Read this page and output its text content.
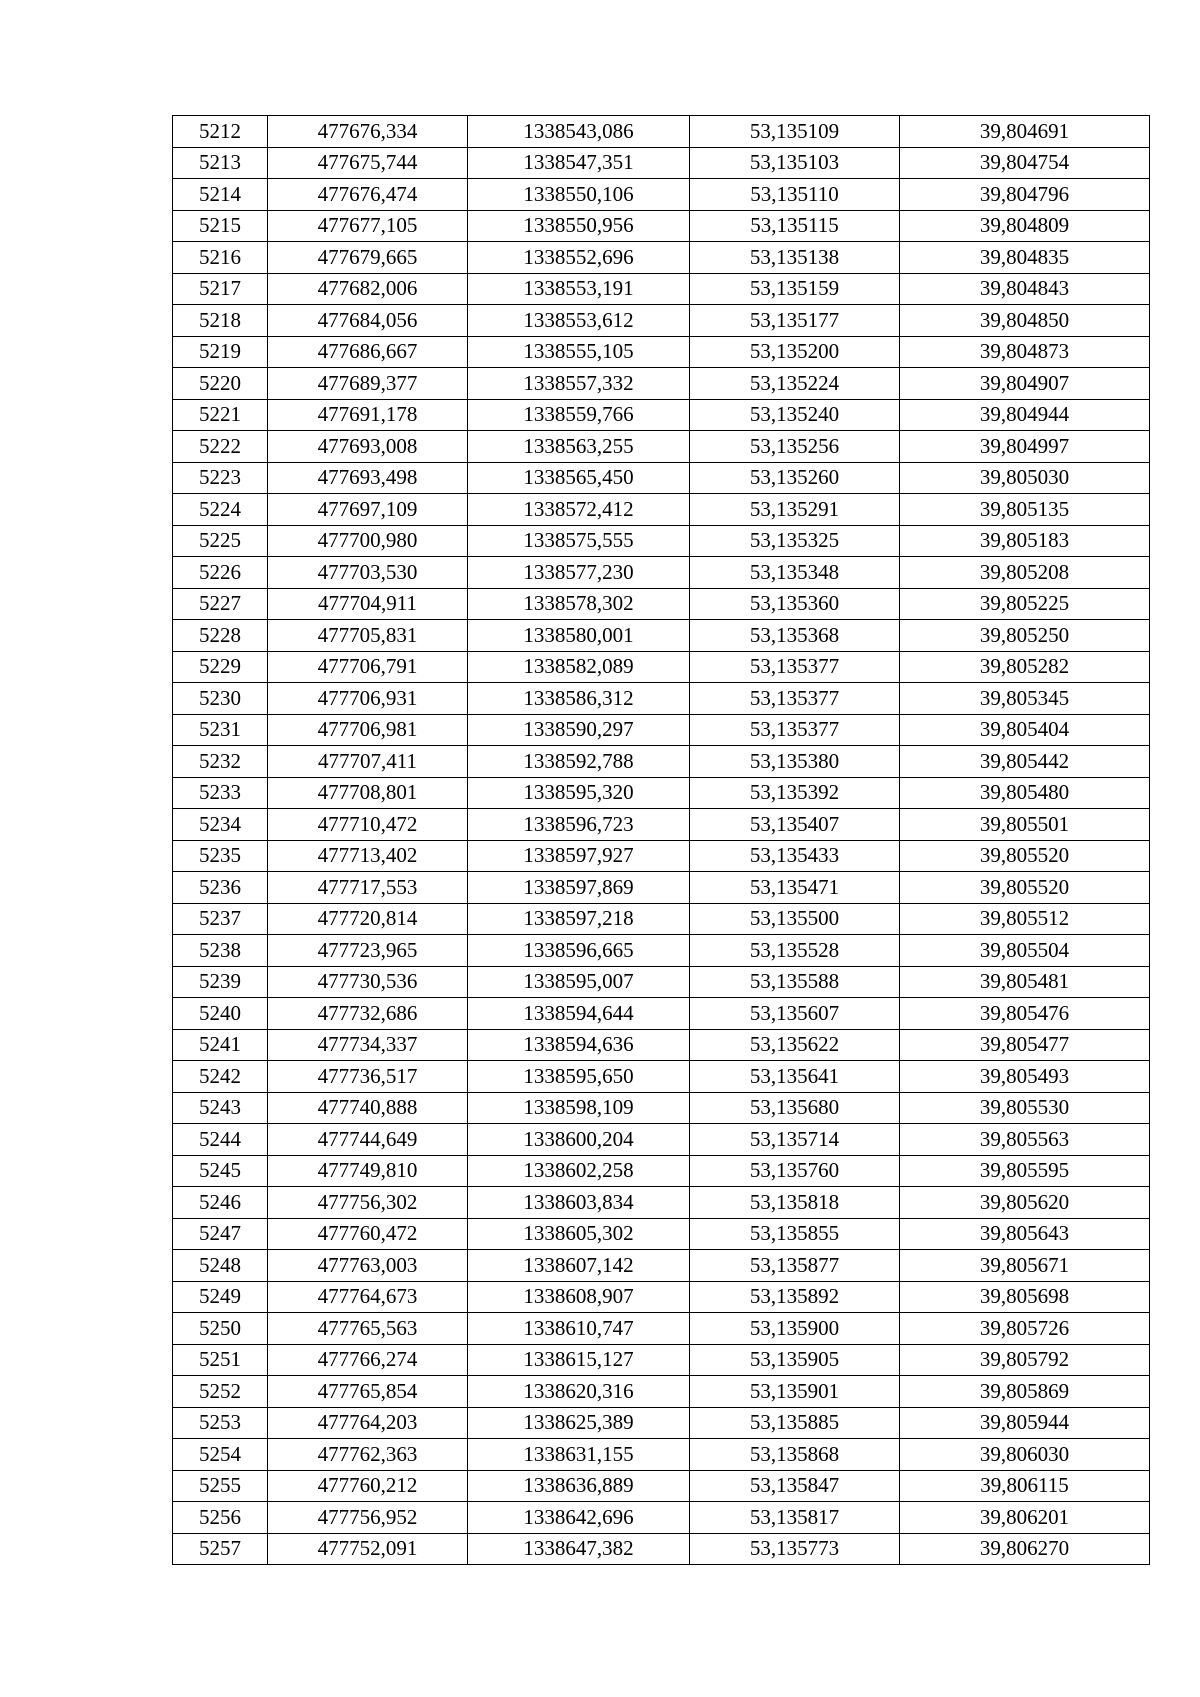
5212	477676,334	1338543,086	53,135109	39,804691
5213	477675,744	1338547,351	53,135103	39,804754
5214	477676,474	1338550,106	53,135110	39,804796
5215	477677,105	1338550,956	53,135115	39,804809
5216	477679,665	1338552,696	53,135138	39,804835
5217	477682,006	1338553,191	53,135159	39,804843
5218	477684,056	1338553,612	53,135177	39,804850
5219	477686,667	1338555,105	53,135200	39,804873
5220	477689,377	1338557,332	53,135224	39,804907
5221	477691,178	1338559,766	53,135240	39,804944
5222	477693,008	1338563,255	53,135256	39,804997
5223	477693,498	1338565,450	53,135260	39,805030
5224	477697,109	1338572,412	53,135291	39,805135
5225	477700,980	1338575,555	53,135325	39,805183
5226	477703,530	1338577,230	53,135348	39,805208
5227	477704,911	1338578,302	53,135360	39,805225
5228	477705,831	1338580,001	53,135368	39,805250
5229	477706,791	1338582,089	53,135377	39,805282
5230	477706,931	1338586,312	53,135377	39,805345
5231	477706,981	1338590,297	53,135377	39,805404
5232	477707,411	1338592,788	53,135380	39,805442
5233	477708,801	1338595,320	53,135392	39,805480
5234	477710,472	1338596,723	53,135407	39,805501
5235	477713,402	1338597,927	53,135433	39,805520
5236	477717,553	1338597,869	53,135471	39,805520
5237	477720,814	1338597,218	53,135500	39,805512
5238	477723,965	1338596,665	53,135528	39,805504
5239	477730,536	1338595,007	53,135588	39,805481
5240	477732,686	1338594,644	53,135607	39,805476
5241	477734,337	1338594,636	53,135622	39,805477
5242	477736,517	1338595,650	53,135641	39,805493
5243	477740,888	1338598,109	53,135680	39,805530
5244	477744,649	1338600,204	53,135714	39,805563
5245	477749,810	1338602,258	53,135760	39,805595
5246	477756,302	1338603,834	53,135818	39,805620
5247	477760,472	1338605,302	53,135855	39,805643
5248	477763,003	1338607,142	53,135877	39,805671
5249	477764,673	1338608,907	53,135892	39,805698
5250	477765,563	1338610,747	53,135900	39,805726
5251	477766,274	1338615,127	53,135905	39,805792
5252	477765,854	1338620,316	53,135901	39,805869
5253	477764,203	1338625,389	53,135885	39,805944
5254	477762,363	1338631,155	53,135868	39,806030
5255	477760,212	1338636,889	53,135847	39,806115
5256	477756,952	1338642,696	53,135817	39,806201
5257	477752,091	1338647,382	53,135773	39,806270
